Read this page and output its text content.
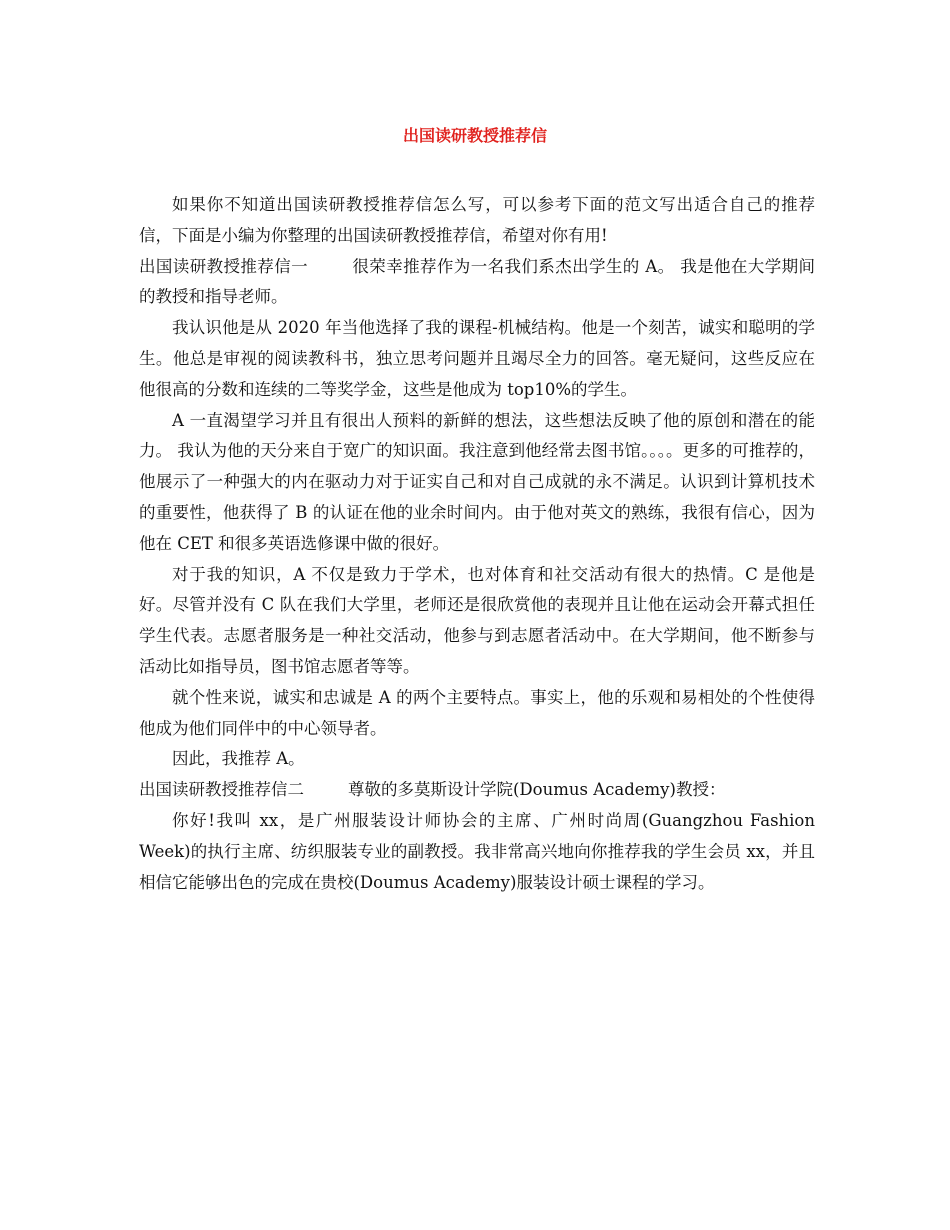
出国读研教授推荐信

如果你不知道出国读研教授推荐信怎么写，可以参考下面的范文写出适合自己的推荐信，下面是小编为你整理的出国读研教授推荐信，希望对你有用!

出国读研教授推荐信一	很荣幸推荐作为一名我们系杰出学生的 A。 我是他在大学期间的教授和指导老师。

我认识他是从 2020 年当他选择了我的课程-机械结构。他是一个刻苦，诚实和聪明的学生。他总是审视的阅读教科书，独立思考问题并且竭尽全力的回答。毫无疑问，这些反应在他很高的分数和连续的二等奖学金，这些是他成为 top10%的学生。

A 一直渴望学习并且有很出人预料的新鲜的想法，这些想法反映了他的原创和潜在的能力。 我认为他的天分来自于宽广的知识面。我注意到他经常去图书馆。。。。更多的可推荐的，他展示了一种强大的内在驱动力对于证实自己和对自己成就的永不满足。认识到计算机技术的重要性，他获得了 B 的认证在他的业余时间内。由于他对英文的熟练，我很有信心，因为他在 CET 和很多英语选修课中做的很好。

对于我的知识，A 不仅是致力于学术，也对体育和社交活动有很大的热情。C 是他是好。尽管并没有 C 队在我们大学里，老师还是很欣赏他的表现并且让他在运动会开幕式担任学生代表。志愿者服务是一种社交活动，他参与到志愿者活动中。在大学期间，他不断参与活动比如指导员，图书馆志愿者等等。

就个性来说，诚实和忠诚是 A 的两个主要特点。事实上，他的乐观和易相处的个性使得他成为他们同伴中的中心领导者。

因此，我推荐 A。

出国读研教授推荐信二	尊敬的多莫斯设计学院(Doumus Academy)教授：

你好!我叫 xx，是广州服装设计师协会的主席、广州时尚周(Guangzhou Fashion Week)的执行主席、纺织服装专业的副教授。我非常高兴地向你推荐我的学生会员 xx，并且相信它能够出色的完成在贵校(Doumus Academy)服装设计硕士课程的学习。
